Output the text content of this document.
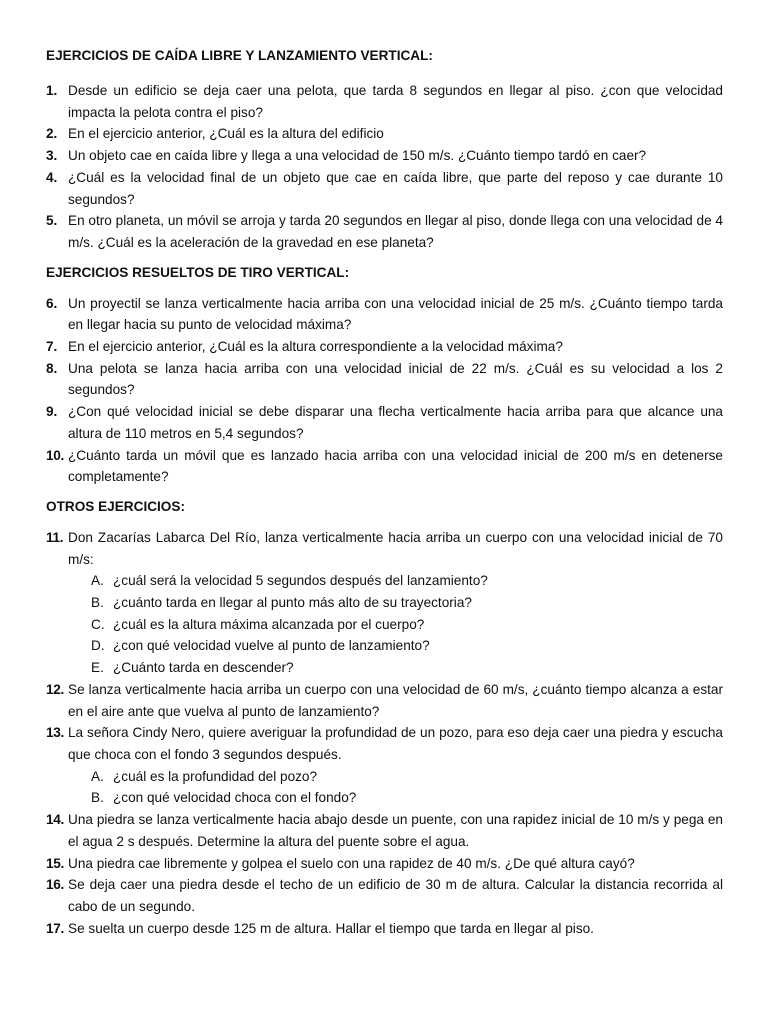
EJERCICIOS DE CAÍDA LIBRE Y LANZAMIENTO VERTICAL:
1. Desde un edificio se deja caer una pelota, que tarda 8 segundos en llegar al piso. ¿con que velocidad impacta la pelota contra el piso?
2. En el ejercicio anterior, ¿Cuál es la altura del edificio
3. Un objeto cae en caída libre y llega a una velocidad de 150 m/s. ¿Cuánto tiempo tardó en caer?
4. ¿Cuál es la velocidad final de un objeto que cae en caída libre, que parte del reposo y cae durante 10 segundos?
5. En otro planeta, un móvil se arroja y tarda 20 segundos en llegar al piso, donde llega con una velocidad de 4 m/s. ¿Cuál es la aceleración de la gravedad en ese planeta?
EJERCICIOS RESUELTOS DE TIRO VERTICAL:
6. Un proyectil se lanza verticalmente hacia arriba con una velocidad inicial de 25 m/s. ¿Cuánto tiempo tarda en llegar hacia su punto de velocidad máxima?
7. En el ejercicio anterior, ¿Cuál es la altura correspondiente a la velocidad máxima?
8. Una pelota se lanza hacia arriba con una velocidad inicial de 22 m/s. ¿Cuál es su velocidad a los 2 segundos?
9. ¿Con qué velocidad inicial se debe disparar una flecha verticalmente hacia arriba para que alcance una altura de 110 metros en 5,4 segundos?
10. ¿Cuánto tarda un móvil que es lanzado hacia arriba con una velocidad inicial de 200 m/s en detenerse completamente?
OTROS EJERCICIOS:
11. Don Zacarías Labarca Del Río, lanza verticalmente hacia arriba un cuerpo con una velocidad inicial de 70 m/s:
A. ¿cuál será la velocidad 5 segundos después del lanzamiento?
B. ¿cuánto tarda en llegar al punto más alto de su trayectoria?
C. ¿cuál es la altura máxima alcanzada por el cuerpo?
D. ¿con qué velocidad vuelve al punto de lanzamiento?
E. ¿Cuánto tarda en descender?
12. Se lanza verticalmente hacia arriba un cuerpo con una velocidad de 60 m/s, ¿cuánto tiempo alcanza a estar en el aire ante que vuelva al punto de lanzamiento?
13. La señora Cindy Nero, quiere averiguar la profundidad de un pozo, para eso deja caer una piedra y escucha que choca con el fondo 3 segundos después.
A. ¿cuál es la profundidad del pozo?
B. ¿con qué velocidad choca con el fondo?
14. Una piedra se lanza verticalmente hacia abajo desde un puente, con una rapidez inicial de 10 m/s y pega en el agua 2 s después. Determine la altura del puente sobre el agua.
15. Una piedra cae libremente y golpea el suelo con una rapidez de 40 m/s. ¿De qué altura cayó?
16. Se deja caer una piedra desde el techo de un edificio de 30 m de altura. Calcular la distancia recorrida al cabo de un segundo.
17. Se suelta un cuerpo desde 125 m de altura. Hallar el tiempo que tarda en llegar al piso.
